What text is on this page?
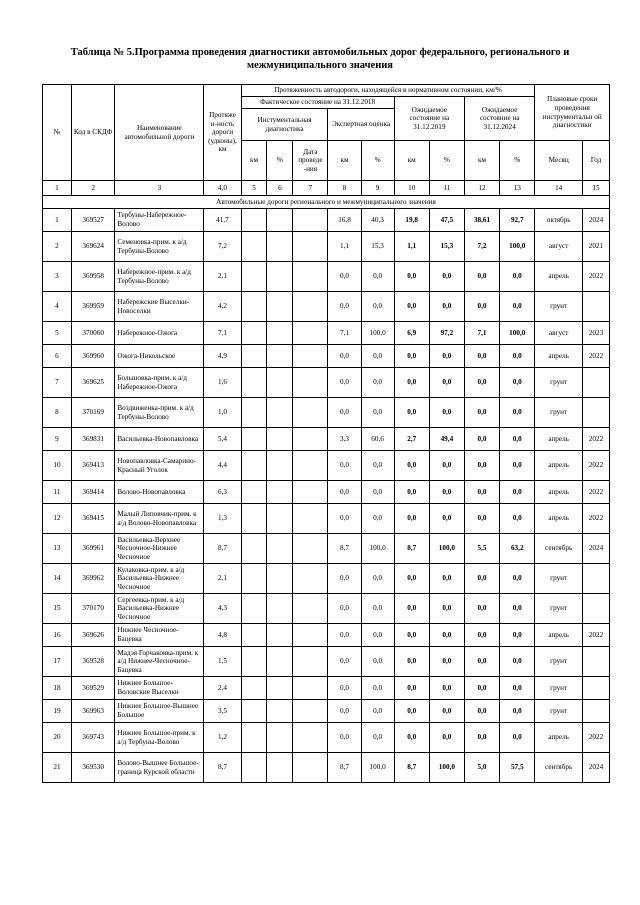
Таблица № 5.Программа проведения диагностики автомобильных дорог федерального, регионального и
межмуниципального значения
№	Код в СКДФ	Наименование автомобильной дороги	Протяже н-ность дороги (удконы), км	Протяженность автодороги, находящейся в нормативном состоянии, км/%									Плановые сроки проведения инструментальн ой диагностики	
				Фактическое состояние на 31.12.2018					Ожидаемое состояние на 31.12.2019		Ожидаемое состояние на 31.12.2024			
				Инстументальная диагностика			Экспертная оценка							
				км	%	Дата проведе -ния	км	%	км	%	км	%	Месяц	Год
1	2	3	4,0	5	6	7	8	9	10	11	12	13	14	15
Автомобильные дороги регионального и межмуниципального значения														
1	369527	Тербуны-Набережное-Волово	41,7				16,8	40,3	19,8	47,5	38,61	92,7	октябрь	2024
2	369624	Семеновка-прим. к а/д Тербуны-Волово	7,2				1,1	15,3	1,1	15,3	7,2	100,0	август	2021
3	369958	Набережное-прим. к а/д Тербуны-Волово	2,1				0,0	0,0	0,0	0,0	0,0	0,0	апрель	2022
4	369959	Набережские Выселки-Новоселки	4,2				0,0	0,0	0,0	0,0	0,0	0,0	грунт	
5	370060	Набережное-Ожога	7,1				7,1	100,0	6,9	97,2	7,1	100,0	август	2023
6	369960	Ожога-Никольское	4,9				0,0	0,0	0,0	0,0	0,0	0,0	апрель	2022
7	369625	Большовка-прим. к а/д Набережное-Ожога	1,6				0,0	0,0	0,0	0,0	0,0	0,0	грунт	
8	370169	Воздвиженка-прим. к а/д Тербуны-Волово	1,0				0,0	0,0	0,0	0,0	0,0	0,0	грунт	
9	369831	Васильевка-Новопавловка	5,4				3,3	60,6	2,7	49,4	0,0	0,0	апрель	2022
10	369413	Новопавловка-Самарино-Красный Уголок	4,4				0,0	0,0	0,0	0,0	0,0	0,0	апрель	2022
11	369414	Волово-Новопавловка	6,3				0,0	0,0	0,0	0,0	0,0	0,0	апрель	2022
12	369415	Малый Липовчик-прим. к а/д Волово-Новопавловка	1,3				0,0	0,0	0,0	0,0	0,0	0,0	апрель	2022
13	369961	Васильевка-Верхнее Чесночное-Нижнее Чесночное	8,7				8,7	100,0	8,7	100,0	5,5	63,2	сентябрь	2024
14	369962	Кулаковка-прим. к а/д Васильевка-Нижнее Чесночное	2,1				0,0	0,0	0,0	0,0	0,0	0,0	грунт	
15	370170	Сергеевка-прим. к а/д Васильевка-Нижнее Чесночное	4,3				0,0	0,0	0,0	0,0	0,0	0,0	грунт	
16	369626	Нижнее Чесночное-Бацевка	4,8				0,0	0,0	0,0	0,0	0,0	0,0	апрель	2022
17	369528	Мадэя Горчаковка-прим. к а/д Нижнее-Чесночное-Бацевка	1,5				0,0	0,0	0,0	0,0	0,0	0,0	грунт	
18	369529	Нижнее Большое-Воловские Выселки	2,4				0,0	0,0	0,0	0,0	0,0	0,0	грунт	
19	369963	Нижнее Большое-Вышнее Большое	3,5				0,0	0,0	0,0	0,0	0,0	0,0	грунт	
20	369743	Нижнее Большое-прим. к а/д Тербуны-Волово	1,2				0,0	0,0	0,0	0,0	0,0	0,0	апрель	2022
21	369530	Волово-Вышнее Большое-граница Курской области	8,7				8,7	100,0	8,7	100,0	5,0	57,5	сентябрь	2024
